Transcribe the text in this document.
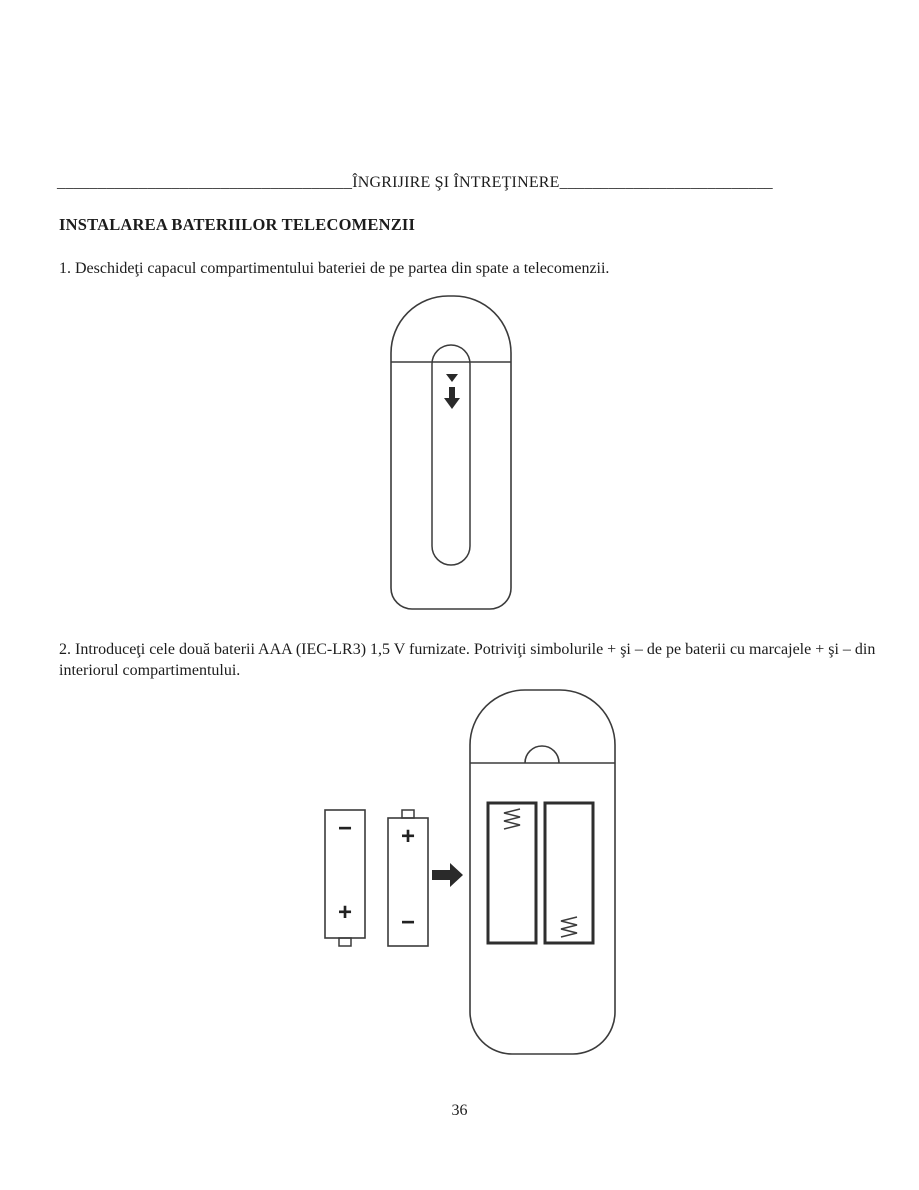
____________________________________ÎNGRIJIRE ŞI ÎNTREŢINERE__________________________
INSTALAREA BATERIILOR TELECOMENZII

1. Deschideţi capacul compartimentului bateriei de pe partea din spate a telecomenzii.

2. Introduceţi cele două baterii AAA (IEC-LR3) 1,5 V furnizate. Potriviţi simbolurile + şi – de pe baterii cu marcajele + şi – din interiorul compartimentului.

−
+
+
−
36
